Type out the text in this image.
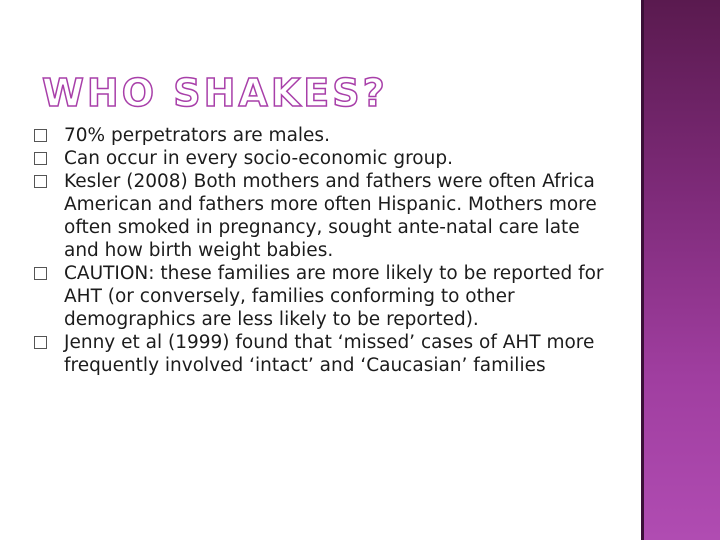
WHO SHAKES?
70% perpetrators are males.
Can occur in every socio-economic group.
Kesler (2008) Both mothers and fathers were often Africa American and fathers more often Hispanic. Mothers more often smoked in pregnancy, sought ante-natal care late and how birth weight babies.
CAUTION: these families are more likely to be reported for AHT (or conversely, families conforming to other demographics are less likely to be reported).
Jenny et al (1999) found that ‘missed’ cases of AHT more frequently involved ‘intact’ and ‘Caucasian’ families
